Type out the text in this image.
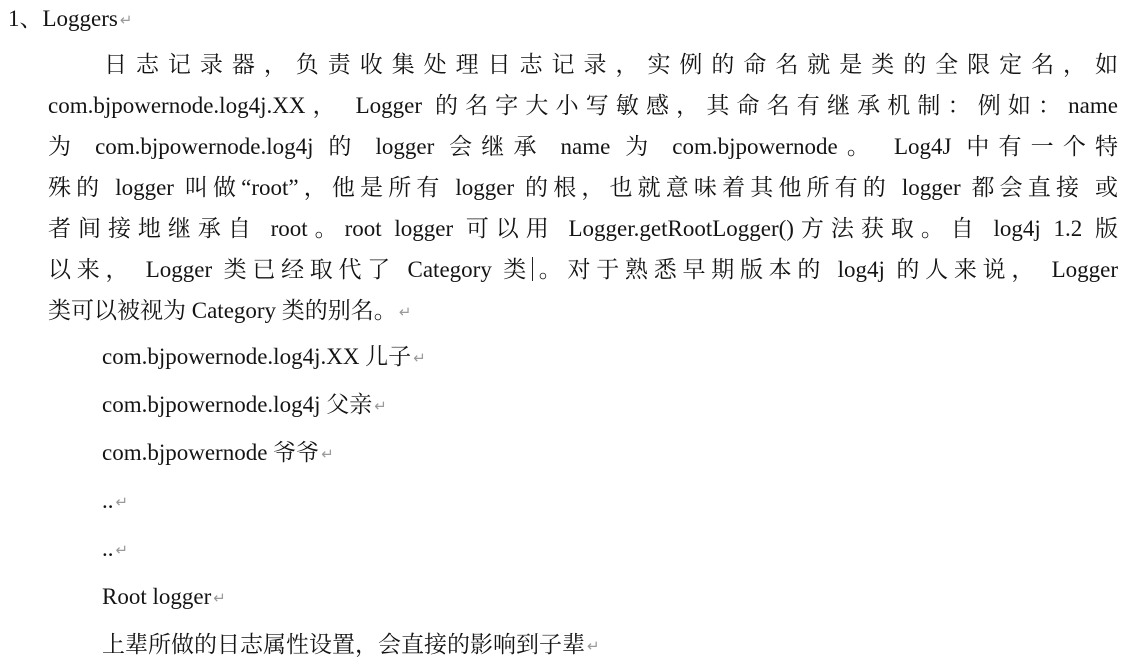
1、Loggers ↵
日志记录器，负责收集处理日志记录，实例的命名就是类的全限定名，如
com.bjpowernode.log4j.XX， Logger 的名字大小写敏感，其命名有继承机制：例如：name
为 com.bjpowernode.log4j 的 logger 会继承 name 为 com.bjpowernode。 Log4J 中有一个特
殊的 logger 叫做“root”，他是所有 logger 的根，也就意味着其他所有的 logger 都会直接 或
者间接地继承自 root。root logger 可以用 Logger.getRootLogger()方法获取。自 log4j 1.2 版
以来， Logger 类已经取代了 Category 类。对于熟悉早期版本的 log4j 的人来说， Logger
类可以被视为 Category 类的别名。 ↵
com.bjpowernode.log4j.XX 儿子 ↵
com.bjpowernode.log4j 父亲 ↵
com.bjpowernode 爷爷 ↵
.. ↵
.. ↵
Root logger ↵
上辈所做的日志属性设置，会直接的影响到子辈 ↵
